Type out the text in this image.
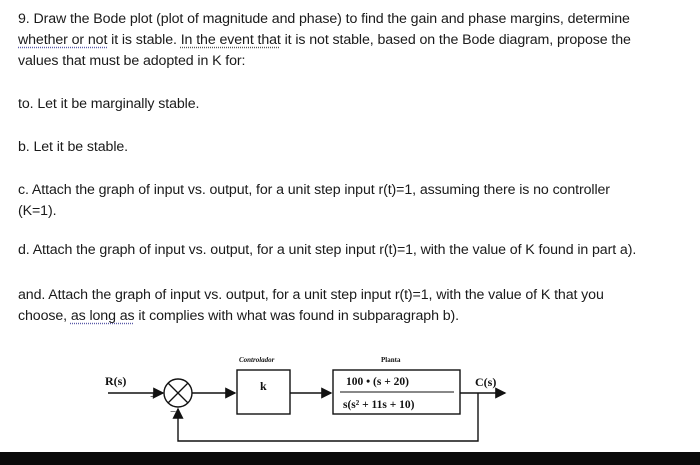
9. Draw the Bode plot (plot of magnitude and phase) to find the gain and phase margins, determine
whether or not it is stable. In the event that it is not stable, based on the Bode diagram, propose the
values that must be adopted in K for:
to. Let it be marginally stable.
b. Let it be stable.
c. Attach the graph of input vs. output, for a unit step input r(t)=1, assuming there is no controller
(K=1).
d. Attach the graph of input vs. output, for a unit step input r(t)=1, with the value of K found in part a).
and. Attach the graph of input vs. output, for a unit step input r(t)=1, with the value of K that you
choose, as long as it complies with what was found in subparagraph b).
R(s)
+
−
Controlador
k
Planta
100 • (s + 20)
s(s² + 11s + 10)
C(s)
